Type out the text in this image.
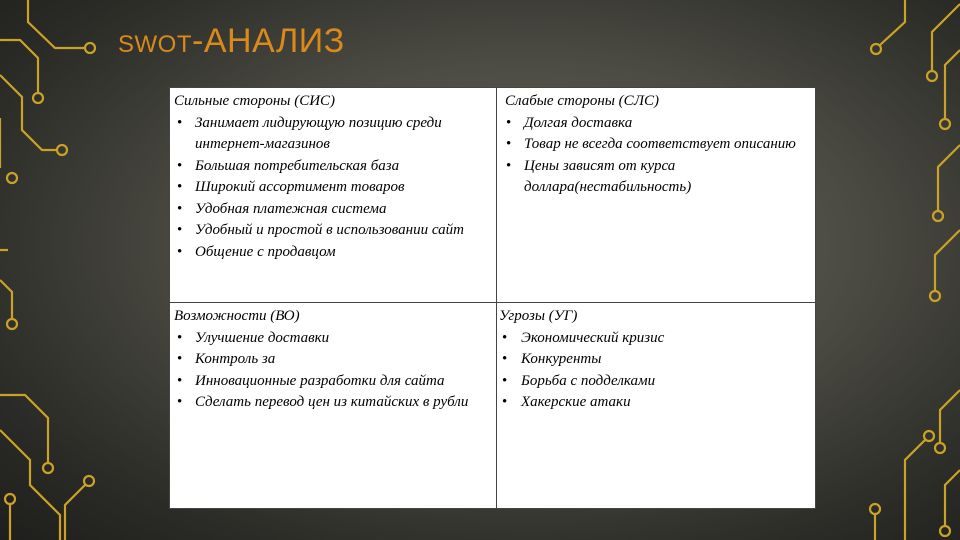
SWOT-АНАЛИЗ
Сильные стороны (СИС)
• Занимает лидирующую позицию среди интернет-магазинов
• Большая потребительская база
• Широкий ассортимент товаров
• Удобная платежная система
• Удобный и простой в использовании сайт
• Общение с продавцом
Слабые стороны (СЛС)
• Долгая доставка
• Товар не всегда соответствует описанию
• Цены зависят от курса доллара(нестабильность)
Возможности (ВО)
• Улучшение доставки
• Контроль за
• Инновационные разработки для сайта
• Сделать перевод цен из китайских в рубли
Угрозы (УГ)
• Экономический кризис
• Конкуренты
• Борьба с подделками
• Хакерские атаки
